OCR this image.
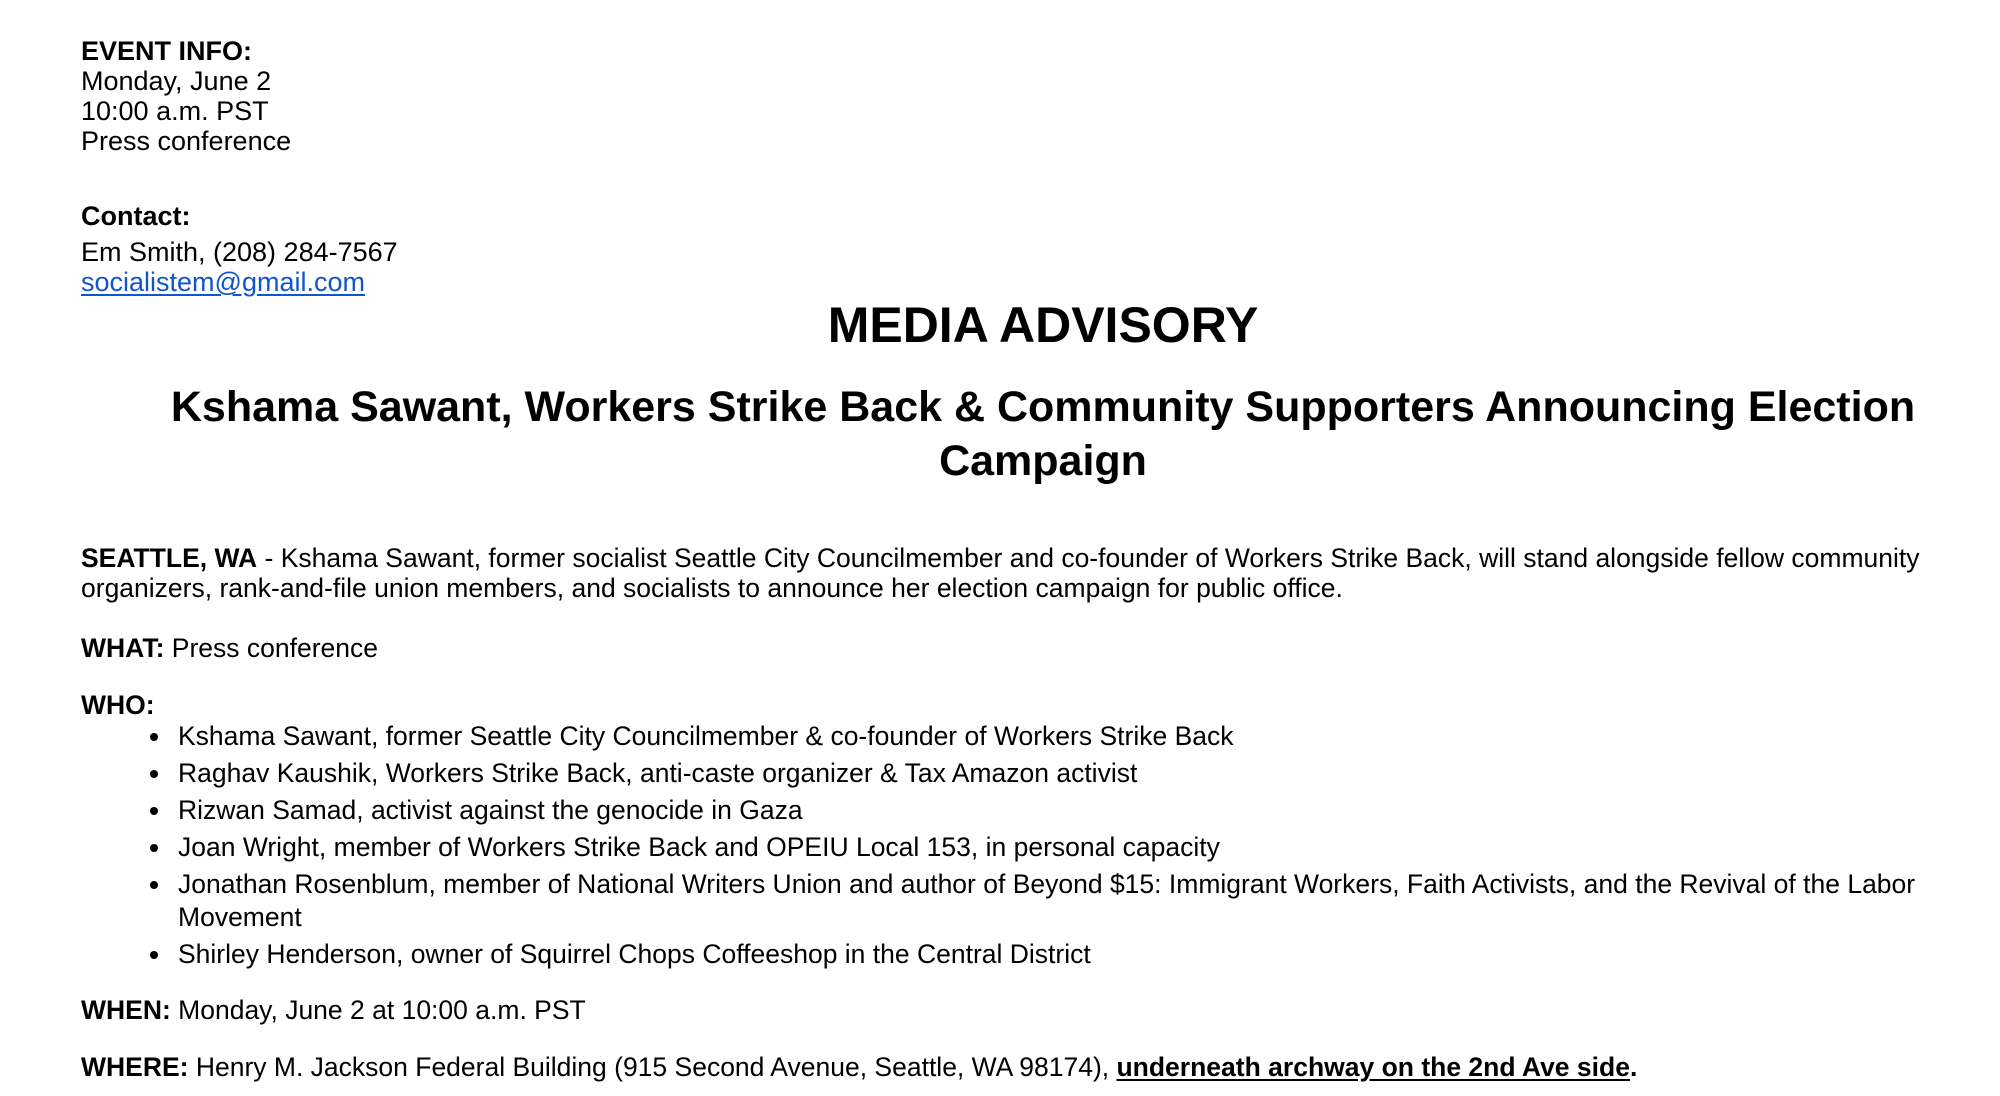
EVENT INFO:
Monday, June 2
10:00 a.m. PST
Press conference
Contact:
Em Smith, (208) 284-7567
socialistem@gmail.com
MEDIA ADVISORY
Kshama Sawant, Workers Strike Back & Community Supporters Announcing Election
Campaign
SEATTLE, WA - Kshama Sawant, former socialist Seattle City Councilmember and co-founder of Workers Strike Back, will stand alongside fellow community organizers, rank-and-file union members, and socialists to announce her election campaign for public office.
WHAT: Press conference
WHO:
Kshama Sawant, former Seattle City Councilmember & co-founder of Workers Strike Back
Raghav Kaushik, Workers Strike Back, anti-caste organizer & Tax Amazon activist
Rizwan Samad, activist against the genocide in Gaza
Joan Wright, member of Workers Strike Back and OPEIU Local 153, in personal capacity
Jonathan Rosenblum, member of National Writers Union and author of Beyond $15: Immigrant Workers, Faith Activists, and the Revival of the Labor Movement
Shirley Henderson, owner of Squirrel Chops Coffeeshop in the Central District
WHEN: Monday, June 2 at 10:00 a.m. PST
WHERE: Henry M. Jackson Federal Building (915 Second Avenue, Seattle, WA 98174), underneath archway on the 2nd Ave side.
